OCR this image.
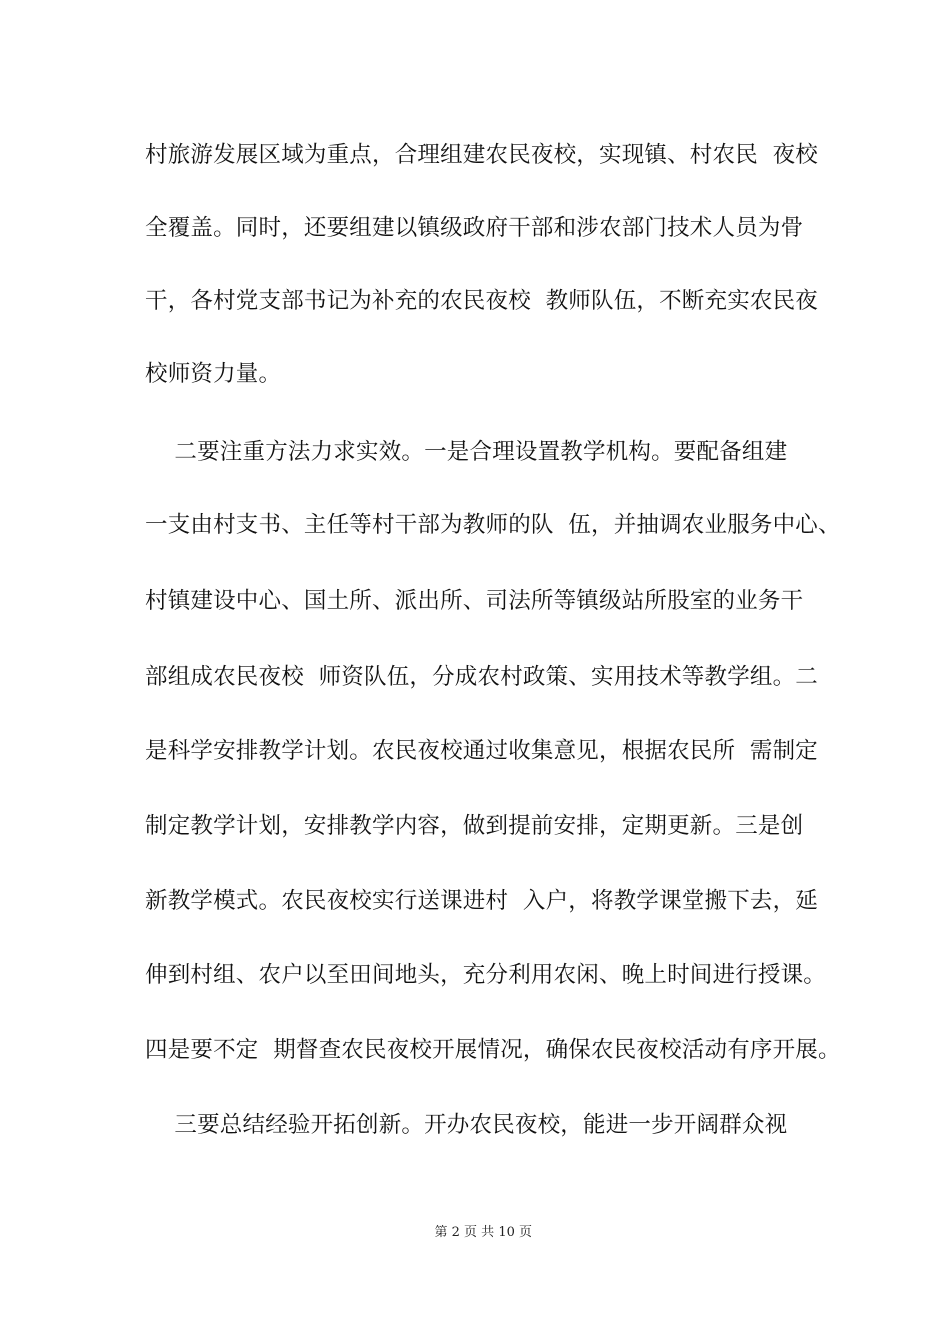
村旅游发展区域为重点，合理组建农民夜校，实现镇、村农民  夜校
全覆盖。同时，还要组建以镇级政府干部和涉农部门技术人员为骨
干，各村党支部书记为补充的农民夜校  教师队伍，不断充实农民夜
校师资力量。
二要注重方法力求实效。一是合理设置教学机构。要配备组建
一支由村支书、主任等村干部为教师的队  伍，并抽调农业服务中心、
村镇建设中心、国土所、派出所、司法所等镇级站所股室的业务干
部组成农民夜校  师资队伍，分成农村政策、实用技术等教学组。二
是科学安排教学计划。农民夜校通过收集意见，根据农民所  需制定
制定教学计划，安排教学内容，做到提前安排，定期更新。三是创
新教学模式。农民夜校实行送课进村  入户，将教学课堂搬下去，延
伸到村组、农户以至田间地头，充分利用农闲、晚上时间进行授课。
四是要不定  期督查农民夜校开展情况，确保农民夜校活动有序开展。
三要总结经验开拓创新。开办农民夜校，能进一步开阔群众视

第 2 页 共 10 页
